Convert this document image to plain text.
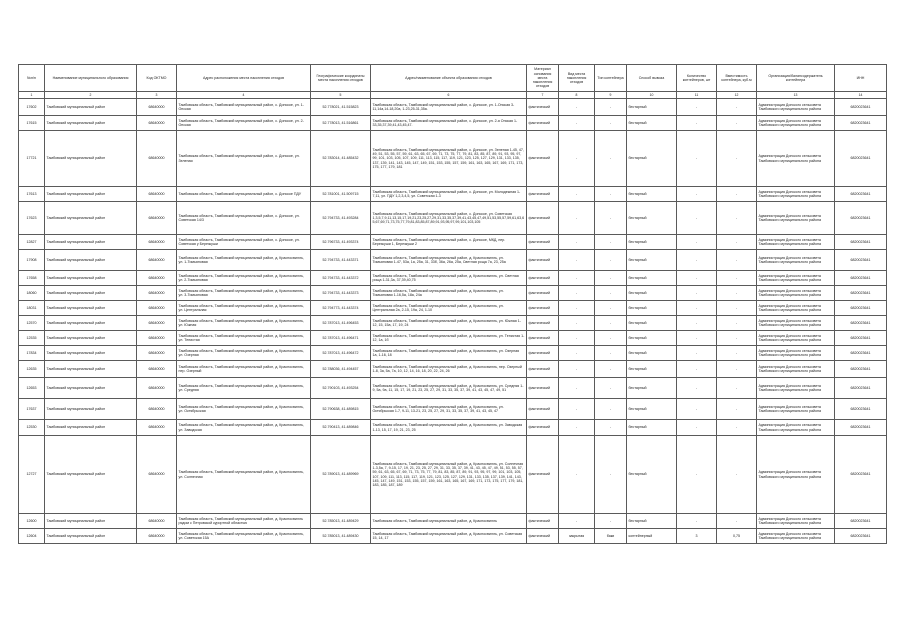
№п/п	Наименование муниципального образования	Код ОКТМО	Адрес расположения места накопления отходов	Географические координаты места накопления отходов	Адрес/наименование объекта образования отходов	Материал основания места накопления отходов	Вид места накопления отходов	Тип контейнера	Способ вывоза	Количество контейнеров, шт	Вместимость контейнера, куб.м	Организация/балансодержатель контейнера	ИНН
1	2	3	4	5	6	7	8	9	10	11	12	13	14
17602	Тамбовский муниципальный район	68640000	Тамбовская область, Тамбовский муниципальный район, с. Донское, ул. 1-Онская	52.778021, 41.515823	Тамбовская область, Тамбовский муниципальный район, с. Донское, ул. 1-Онская 3-11,14а,14-18,20а, 1-23,25-31,35а.	фактический	-	-	бестарный	-	-	Администрация Донского сельсовета Тамбовского муниципального района	6820023641
17615	Тамбовский муниципальный район	68640000	Тамбовская область, Тамбовский муниципальный район, с. Донское, ул. 2-Онская	52.778013, 41.516861	Тамбовская область, Тамбовский муниципальный район, с. Донское, ул. 2-я Онская 1-33,35,37,39,41,43,45,47.	фактический	-	-	бестарный	-	-	Администрация Донского сельсовета Тамбовского муниципального района	6820023641
17721	Тамбовский муниципальный район	68640000	Тамбовская область, Тамбовский муниципальный район, с. Донское, ул. Зеленая	52.783014, 41.485432	Тамбовская область, Тамбовский муниципальный район, с. Донское, ул. Зеленая 1-45, 47, 49, 51, 53, 55, 57, 59, 61, 63, 65, 67, 69, 71, 73, 75, 77, 79, 81, 83, 85, 87, 89, 91, 93, 95, 97, 99, 101, 103, 105, 107, 109, 111, 113, 115, 117, 119, 121, 123, 125, 127, 129, 131, 133, 135, 137, 139, 141, 143, 145, 147, 149, 151, 153, 155, 157, 159, 161, 163, 165, 167, 169, 171, 173, 175, 177, 179, 181	фактический	-	-	бестарный	-	-	Администрация Донского сельсовета Тамбовского муниципального района	6820023641
17613	Тамбовский муниципальный район	68640000	Тамбовская область, Тамбовский муниципальный район, с. Донское ПДУ	52.781001, 41.509715	Тамбовская область, Тамбовский муниципальный район, с. Донское, ул. Молодежная 1-7,11, ул. ПДУ 1,2,3,4,5, ул. Советская 1-3	фактический	-	-	бестарный	-	-	Администрация Донского сельсовета Тамбовского муниципального района	6820023641
17623	Тамбовский муниципальный район	68640000	Тамбовская область, Тамбовский муниципальный район, с. Донское, ул. Советская 14/3	52.794733, 41.493284	Тамбовская область, Тамбовский муниципальный район, с. Донское, ул. Советская 1,3,5,7,9,11,13,15,17,19,21,23,25,27,29,31,33,35,37,39,41,43,45,47,49,51,53,55,57,59,61,63,65,67,69,71,73,75,77,79,81,83,85,87,89,91,93,95,97,99,101,103,105	фактический	-	-	бестарный	-	-	Администрация Донского сельсовета Тамбовского муниципального района	6820023641
12827	Тамбовский муниципальный район	68640000	Тамбовская область, Тамбовский муниципальный район, с. Донское, ул. Советская у Березкуши	52.796733, 41.493374	Тамбовская область, Тамбовский муниципальный район, с. Донское, МКД, пер. Березкуши 1, Березкуши 2	фактический	-	-	бестарный	-	-	Администрация Донского сельсовета Тамбовского муниципального района	6820023641
17908	Тамбовский муниципальный район	68640000	Тамбовская область, Тамбовский муниципальный район, д. Красносвилль, ул. 1-Тимьяновая	52.794733, 41.443371	Тамбовская область, Тамбовский муниципальный район, д. Красносвилль, ул. Тимьяновая 1-47, 53а, 1а, 25а, 31, 33б, 36а, 26а, 25а, Светлая роща 7а, 23, 25а	фактический	-	-	бестарный	-	-	Администрация Донского сельсовета Тамбовского муниципального района	6820023641
17658	Тамбовский муниципальный район	68640000	Тамбовская область, Тамбовский муниципальный район, д. Красносвилль, ул. 2-Тимьяновая	52.794733, 41.443372	Тамбовская область, Тамбовский муниципальный район, д. Красносвилль, ул. Светлая роща 1-31,3а, 37,39,40,75	фактический	-	-	бестарный	-	-	Администрация Донского сельсовета Тамбовского муниципального района	6820023641
18060	Тамбовский муниципальный район	68640000	Тамбовская область, Тамбовский муниципальный район, д. Красносвилль, ул. 3-Тимьяновая	52.794733, 41.443373	Тамбовская область, Тамбовский муниципальный район, д. Красносвилль, ул. Тимьяновая 1-16,5а, 18а, 24а	фактический	-	-	бестарный	-	-	Администрация Донского сельсовета Тамбовского муниципального района	6820023641
18031	Тамбовский муниципальный район	68640000	Тамбовская область, Тамбовский муниципальный район, д. Красносвилль, ул. Центральная	52.794773, 41.443374	Тамбовская область, Тамбовский муниципальный район, д. Красносвилль, ул. Центральная 2а, 2-15, 19а, 24, 1-10	фактический	-	-	бестарный	-	-	Администрация Донского сельсовета Тамбовского муниципального района	6820023641
12570	Тамбовский муниципальный район	68640000	Тамбовская область, Тамбовский муниципальный район, д. Красносвилль, ул. Южная	52.787013, 41.496453	Тамбовская область, Тамбовский муниципальный район, д. Красносвилль, ул. Южная 1-12, 15, 15а, 17, 19, 24	фактический	-	-	бестарный	-	-	Администрация Донского сельсовета Тамбовского муниципального района	6820023641
12535	Тамбовский муниципальный район	68640000	Тамбовская область, Тамбовский муниципальный район, д. Красносвилль, ул. Тенистая	52.787013, 41.496471	Тамбовская область, Тамбовский муниципальный район, д. Красносвилль, ул. Тенистая 1-12, 1а, 1б	фактический	-	-	бестарный	-	-	Администрация Донского сельсовета Тамбовского муниципального района	6820023641
17834	Тамбовский муниципальный район	68640000	Тамбовская область, Тамбовский муниципальный район, д. Красносвилль, ул. Озерная	52.787013, 41.496472	Тамбовская область, Тамбовский муниципальный район, д. Красносвилль, ул. Озерная 1а, 1-16, 18	фактический	-	-	бестарный	-	-	Администрация Донского сельсовета Тамбовского муниципального района	6820023641
12635	Тамбовский муниципальный район	68640000	Тамбовская область, Тамбовский муниципальный район, д. Красносвилль, пер. Озерный	52.788036, 41.494457	Тамбовская область, Тамбовский муниципальный район, д. Красносвилль, пер. Озерный 1-8, 3а, 5а, 7а, 10, 12, 14, 16, 18, 20, 22, 24, 26	фактический	-	-	бестарный	-	-	Администрация Донского сельсовета Тамбовского муниципального района	6820023641
12653	Тамбовский муниципальный район	68640000	Тамбовская область, Тамбовский муниципальный район, д. Красносвилль, ул. Средняя	52.790103, 41.493254	Тамбовская область, Тамбовский муниципальный район, д. Красносвилль, ул. Средняя 1-9, 5а, 9а, 11, 15, 17, 19, 21, 23, 25, 27, 29, 31, 33, 35, 37, 39, 41, 43, 45, 47, 49, 51	фактический	-	-	бестарный	-	-	Администрация Донского сельсовета Тамбовского муниципального района	6820023641
17637	Тамбовский муниципальный район	68640000	Тамбовская область, Тамбовский муниципальный район, д. Красносвилль, ул. Октябрьская	52.790638, 41.489815	Тамбовская область, Тамбовский муниципальный район, д. Красносвилль, ул. Октябрьская 1-7, 9-11, 13-21, 23, 25, 27, 29, 31, 33, 35, 37, 39, 41, 43, 45, 47	фактический	-	-	бестарный	-	-	Администрация Донского сельсовета Тамбовского муниципального района	6820023641
12530	Тамбовский муниципальный район	68640000	Тамбовская область, Тамбовский муниципальный район, д. Красносвилль, ул. Заводская	52.790413, 41.489846	Тамбовская область, Тамбовский муниципальный район, д. Красносвилль, ул. Заводская 1-13, 15, 17, 19, 21, 23, 25	фактический	-	-	бестарный	-	-	Администрация Донского сельсовета Тамбовского муниципального района	6820023641
12727	Тамбовский муниципальный район	68640000	Тамбовская область, Тамбовский муниципальный район, д. Красносвилль, ул. Солнечная	52.789013, 41.489969	Тамбовская область, Тамбовский муниципальный район, д. Красносвилль, ул. Солнечная 1-3,5а, 7, 9-15, 17, 19, 21, 23, 25, 27, 29, 31, 33, 35, 37, 39, 41, 43, 45, 47, 49, 51, 53, 55, 57, 59, 61, 63, 65, 67, 69, 71, 73, 75, 77, 79, 81, 83, 85, 87, 89, 91, 93, 95, 97, 99, 101, 103, 105, 107, 109, 111, 113, 115, 117, 119, 121, 123, 125, 127, 129, 131, 133, 135, 137, 139, 141, 143, 145, 147, 149, 151, 153, 155, 157, 159, 161, 163, 165, 167, 169, 171, 173, 175, 177, 179, 181, 183, 185, 187, 189	фактический	-	-	бестарный	-	-	Администрация Донского сельсовета Тамбовского муниципального района	6820023641
12600	Тамбовский муниципальный район	68640000	Тамбовская область, Тамбовский муниципальный район, д. Красносвилль рядом с Петровской курортной областью	52.785013, 41.489429	Тамбовская область, Тамбовский муниципальный район, д. Красносвилль	фактический	-	-	бестарный	-	-	Администрация Донского сельсовета Тамбовского муниципального района	6820023641
12604	Тамбовский муниципальный район	68640000	Тамбовская область, Тамбовский муниципальный район, д. Красносвилль, ул. Советская 15А	52.785013, 41.489430	Тамбовская область, Тамбовский муниципальный район, д. Красносвилль, ул. Советская 15, 14, 17	фактический	закрытая	баки	контейнерный	3	0,75	Администрация Донского сельсовета Тамбовского муниципального района	6820023641
